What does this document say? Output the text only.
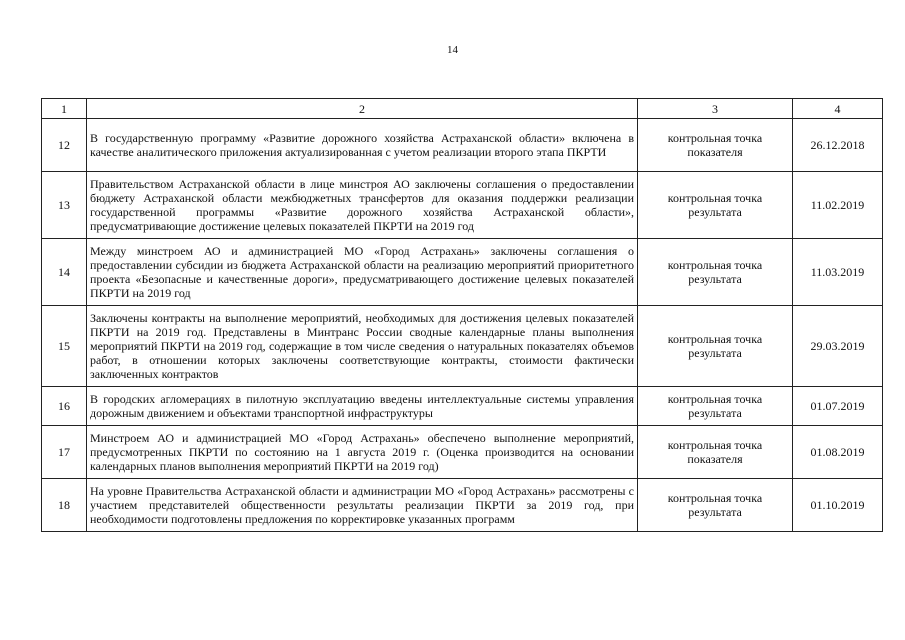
14
1	2	3	4
12	В государственную программу «Развитие дорожного хозяйства Астраханской области» включена в качестве аналитического приложения актуализированная с учетом реализации второго этапа ПКРТИ	контрольная точка показателя	26.12.2018
13	Правительством Астраханской области в лице минстроя АО заключены соглашения о предоставлении бюджету Астраханской области межбюджетных трансфертов для оказания поддержки реализации государственной программы «Развитие дорожного хозяйства Астраханской области», предусматривающие достижение целевых показателей ПКРТИ на 2019 год	контрольная точка результата	11.02.2019
14	Между минстроем АО и администрацией МО «Город Астрахань» заключены соглашения о предоставлении субсидии из бюджета Астраханской области на реализацию мероприятий приоритетного проекта «Безопасные и качественные дороги», предусматривающего достижение целевых показателей ПКРТИ на 2019 год	контрольная точка результата	11.03.2019
15	Заключены контракты на выполнение мероприятий, необходимых для достижения целевых показателей ПКРТИ на 2019 год. Представлены в Минтранс России сводные календарные планы выполнения мероприятий ПКРТИ на 2019 год, содержащие в том числе сведения о натуральных показателях объемов работ, в отношении которых заключены соответствующие контракты, стоимости фактически заключенных контрактов	контрольная точка результата	29.03.2019
16	В городских агломерациях в пилотную эксплуатацию введены интеллектуальные системы управления дорожным движением и объектами транспортной инфраструктуры	контрольная точка результата	01.07.2019
17	Минстроем АО и администрацией МО «Город Астрахань» обеспечено выполнение мероприятий, предусмотренных ПКРТИ по состоянию на 1 августа 2019 г. (Оценка производится на основании календарных планов выполнения мероприятий ПКРТИ на 2019 год)	контрольная точка показателя	01.08.2019
18	На уровне Правительства Астраханской области и администрации МО «Город Астрахань» рассмотрены с участием представителей общественности результаты реализации ПКРТИ за 2019 год, при необходимости подготовлены предложения по корректировке указанных программ	контрольная точка результата	01.10.2019
